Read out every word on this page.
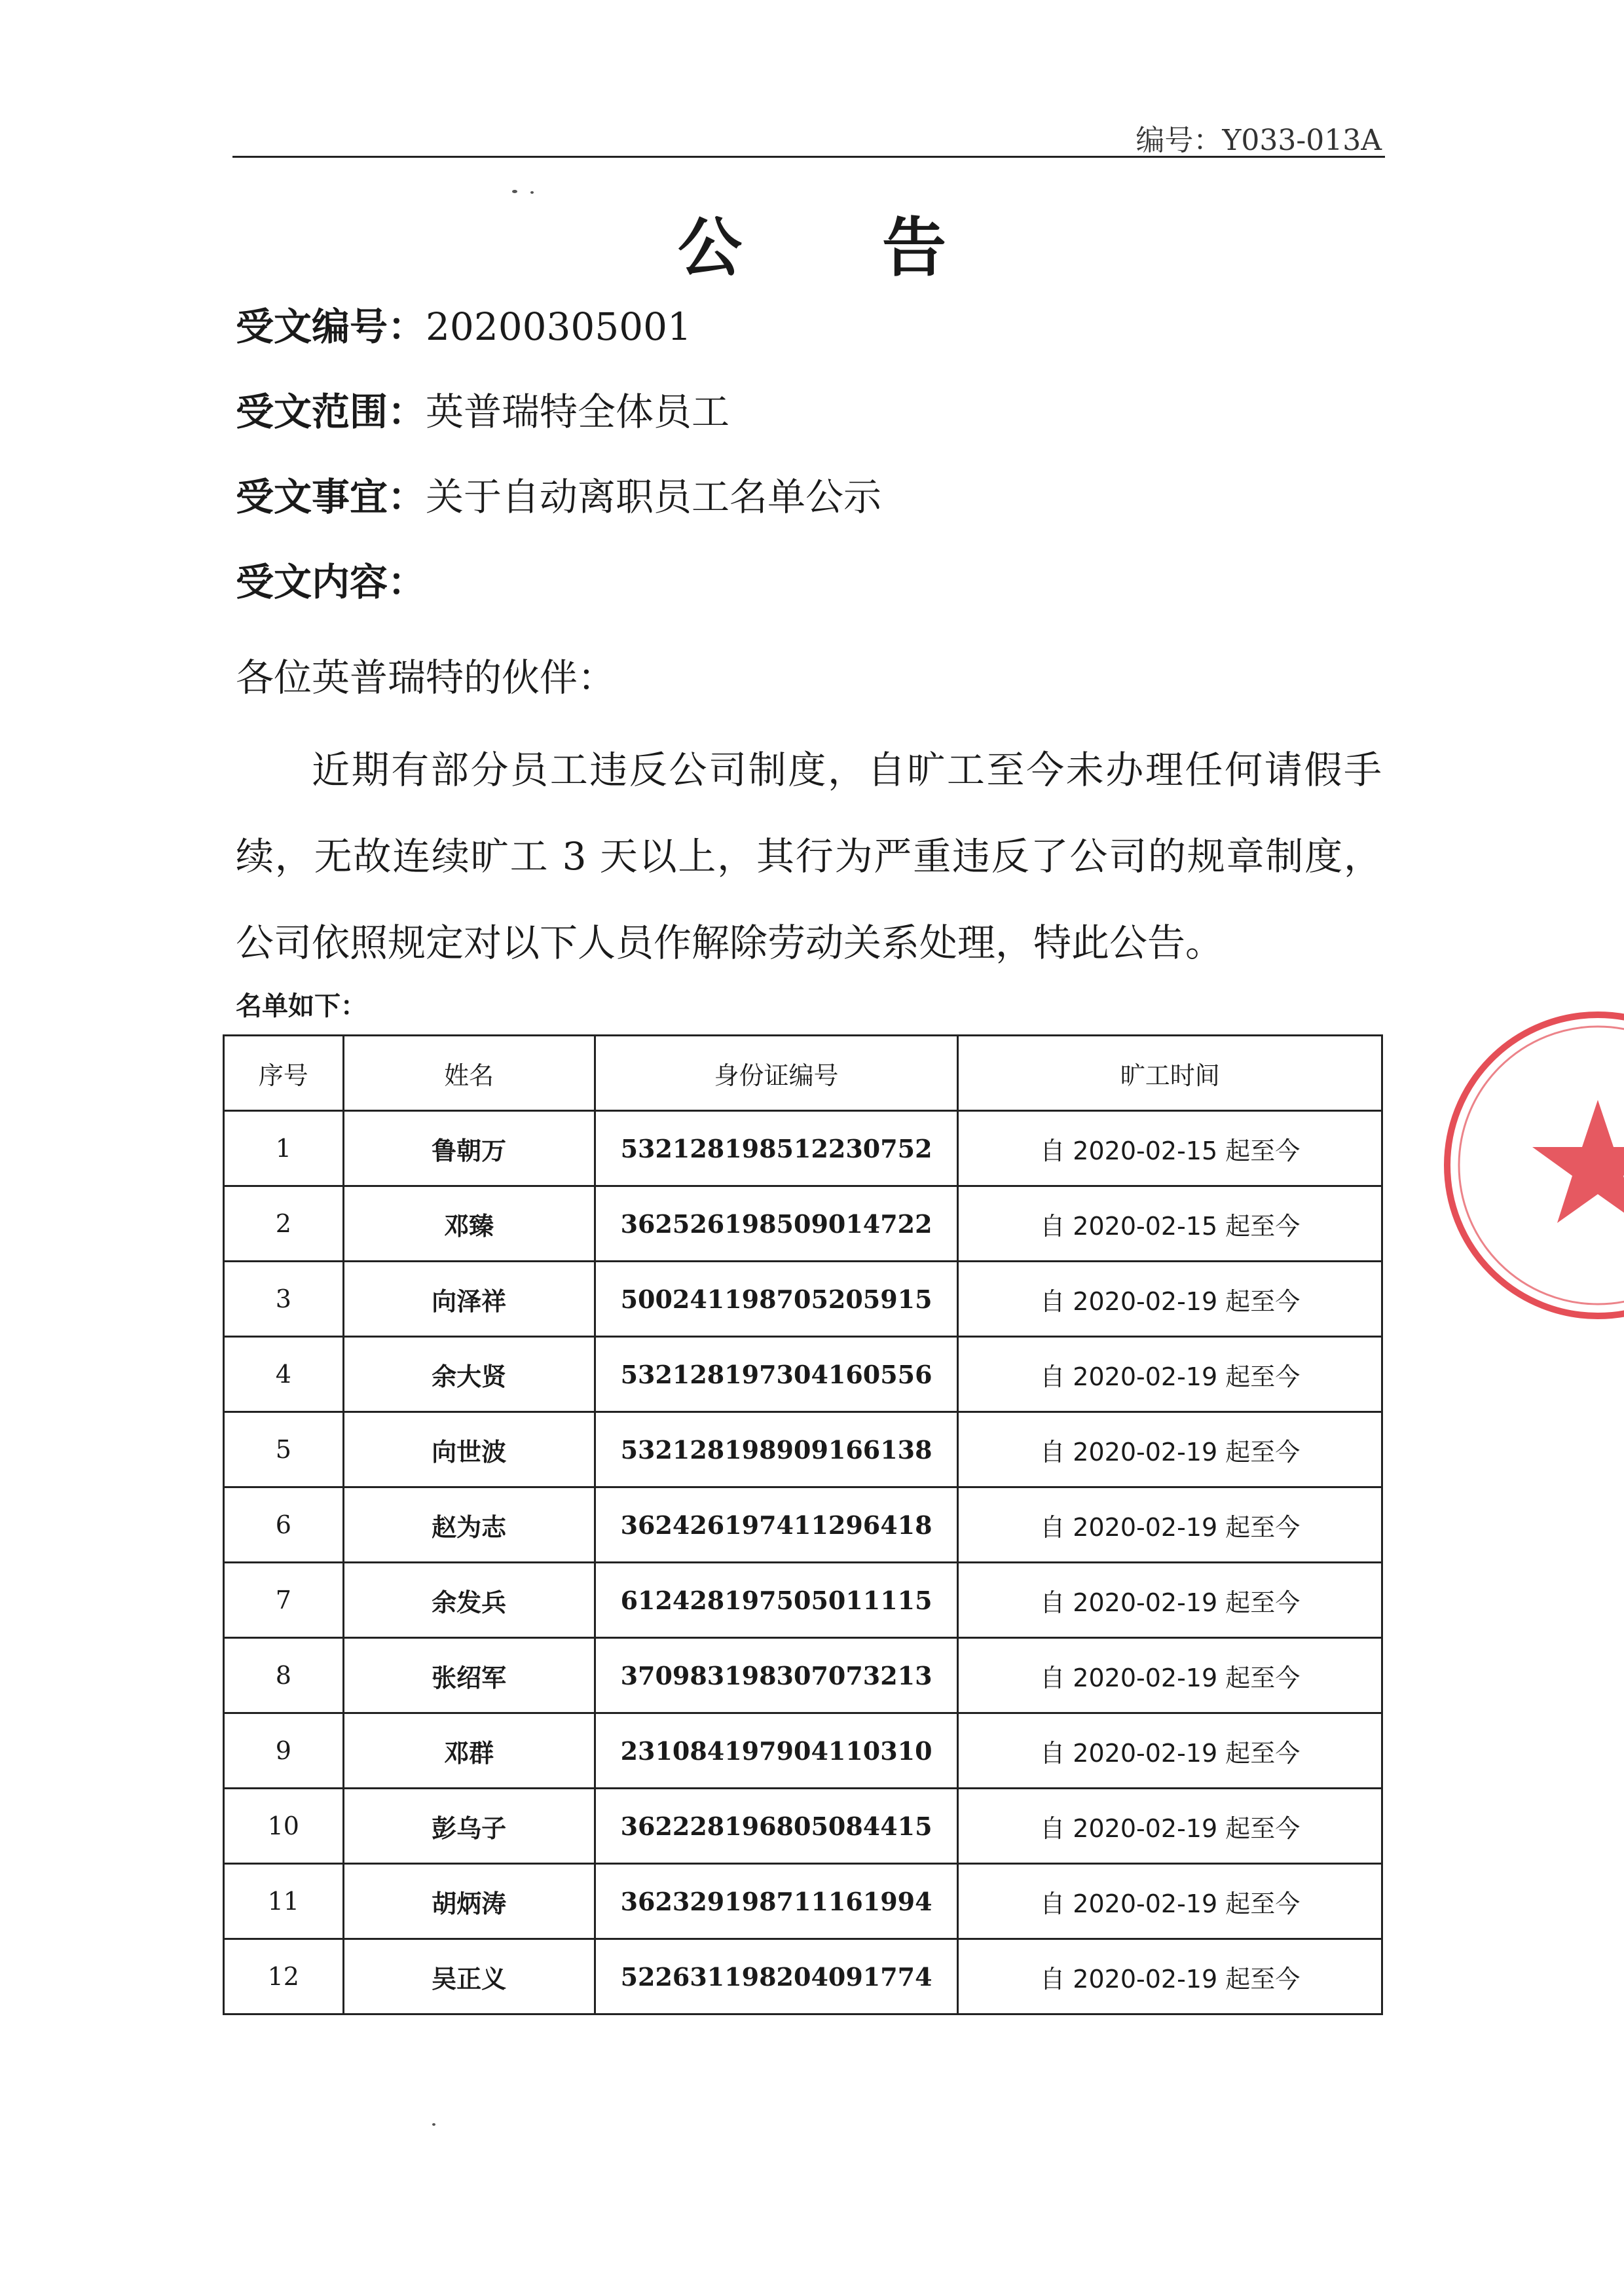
编号：Y033-013A
公 告
受文编号：20200305001
受文范围：英普瑞特全体员工
受文事宜：关于自动离职员工名单公示
受文内容：
各位英普瑞特的伙伴：
近期有部分员工违反公司制度，自旷工至今未办理任何请假手续，无故连续旷工 3 天以上，其行为严重违反了公司的规章制度，公司依照规定对以下人员作解除劳动关系处理，特此公告。
名单如下：
序号	姓名	身份证编号	旷工时间
1	鲁朝万	532128198512230752	自 2020-02-15 起至今
2	邓臻	362526198509014722	自 2020-02-15 起至今
3	向泽祥	500241198705205915	自 2020-02-19 起至今
4	余大贤	532128197304160556	自 2020-02-19 起至今
5	向世波	532128198909166138	自 2020-02-19 起至今
6	赵为志	362426197411296418	自 2020-02-19 起至今
7	余发兵	612428197505011115	自 2020-02-19 起至今
8	张绍军	370983198307073213	自 2020-02-19 起至今
9	邓群	231084197904110310	自 2020-02-19 起至今
10	彭乌子	362228196805084415	自 2020-02-19 起至今
11	胡炳涛	362329198711161994	自 2020-02-19 起至今
12	吴正义	522631198204091774	自 2020-02-19 起至今
